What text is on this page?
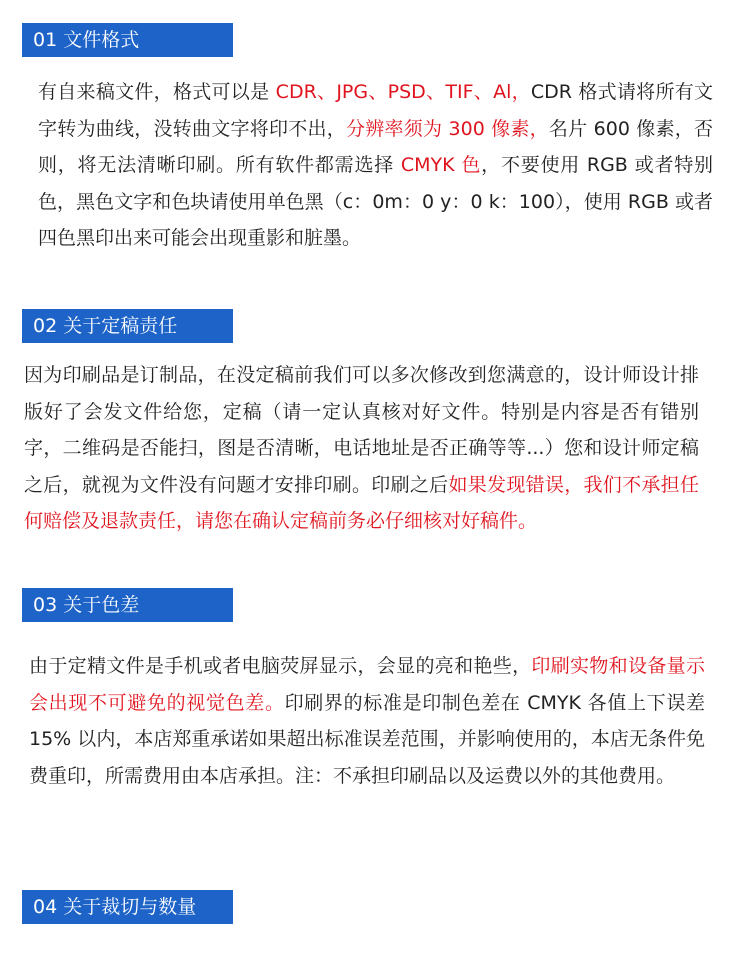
01 文件格式

有自来稿文件，格式可以是 CDR、JPG、PSD、TIF、Al，CDR 格式请将所有文字转为曲线，没转曲文字将印不出，分辨率须为 300 像素，名片 600 像素，否则，将无法清晰印刷。所有软件都需选择 CMYK 色，不要使用 RGB 或者特别色，黑色文字和色块请使用单色黑（c：0m：0 y：0 k：100），使用 RGB 或者四色黑印出来可能会出现重影和脏墨。

02 关于定稿责任

因为印刷品是订制品，在没定稿前我们可以多次修改到您满意的，设计师设计排版好了会发文件给您，定稿（请一定认真核对好文件。特别是内容是否有错别字，二维码是否能扫，图是否清晰，电话地址是否正确等等...）您和设计师定稿之后，就视为文件没有问题才安排印刷。印刷之后如果发现错误，我们不承担任何赔偿及退款责任，请您在确认定稿前务必仔细核对好稿件。

03 关于色差

由于定精文件是手机或者电脑荧屏显示，会显的亮和艳些，印刷实物和设备量示会出现不可避免的视觉色差。印刷界的标准是印制色差在 CMYK 各值上下误差 15% 以内，本店郑重承诺如果超出标准误差范围，并影响使用的，本店无条件免费重印，所需费用由本店承担。注：不承担印刷品以及运费以外的其他费用。

04 关于裁切与数量
